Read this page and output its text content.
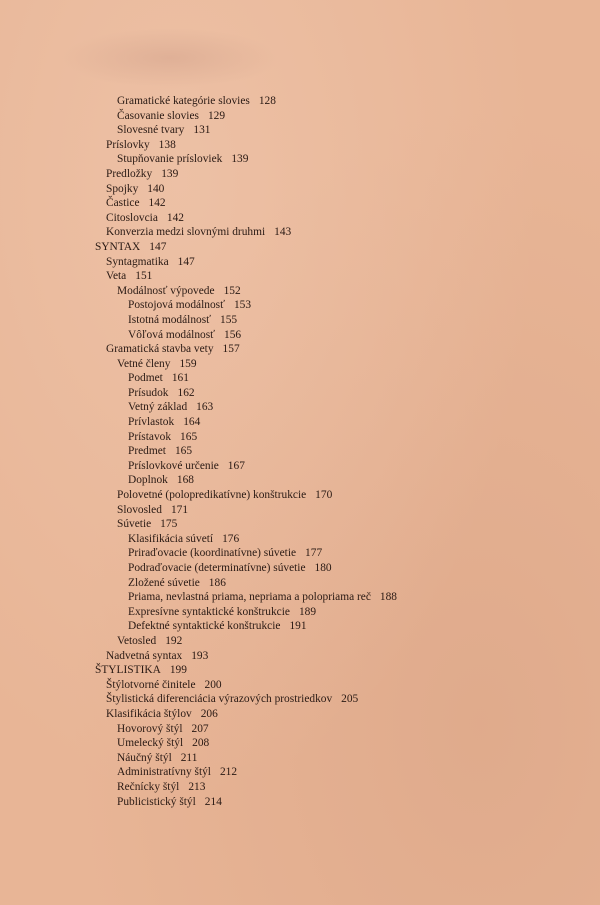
Gramatické kategórie slovies 128
Časovanie slovies 129
Slovesné tvary 131
Príslovky 138
Stupňovanie prísloviek 139
Predložky 139
Spojky 140
Častice 142
Citoslovcia 142
Konverzia medzi slovnými druhmi 143
SYNTAX 147
Syntagmatika 147
Veta 151
Modálnosť výpovede 152
Postojová modálnosť 153
Istotná modálnosť 155
Vôľová modálnosť 156
Gramatická stavba vety 157
Vetné členy 159
Podmet 161
Prísudok 162
Vetný základ 163
Prívlastok 164
Prístavok 165
Predmet 165
Príslovkové určenie 167
Doplnok 168
Polovetné (polopredikatívne) konštrukcie 170
Slovosled 171
Súvetie 175
Klasifikácia súvetí 176
Priraďovacie (koordinatívne) súvetie 177
Podraďovacie (determinatívne) súvetie 180
Zložené súvetie 186
Priama, nevlastná priama, nepriama a polopriama reč 188
Expresívne syntaktické konštrukcie 189
Defektné syntaktické konštrukcie 191
Vetosled 192
Nadvetná syntax 193
ŠTYLISTIKA 199
Štýlotvorné činitele 200
Štylistická diferenciácia výrazových prostriedkov 205
Klasifikácia štýlov 206
Hovorový štýl 207
Umelecký štýl 208
Náučný štýl 211
Administratívny štýl 212
Rečnícky štýl 213
Publicistický štýl 214
